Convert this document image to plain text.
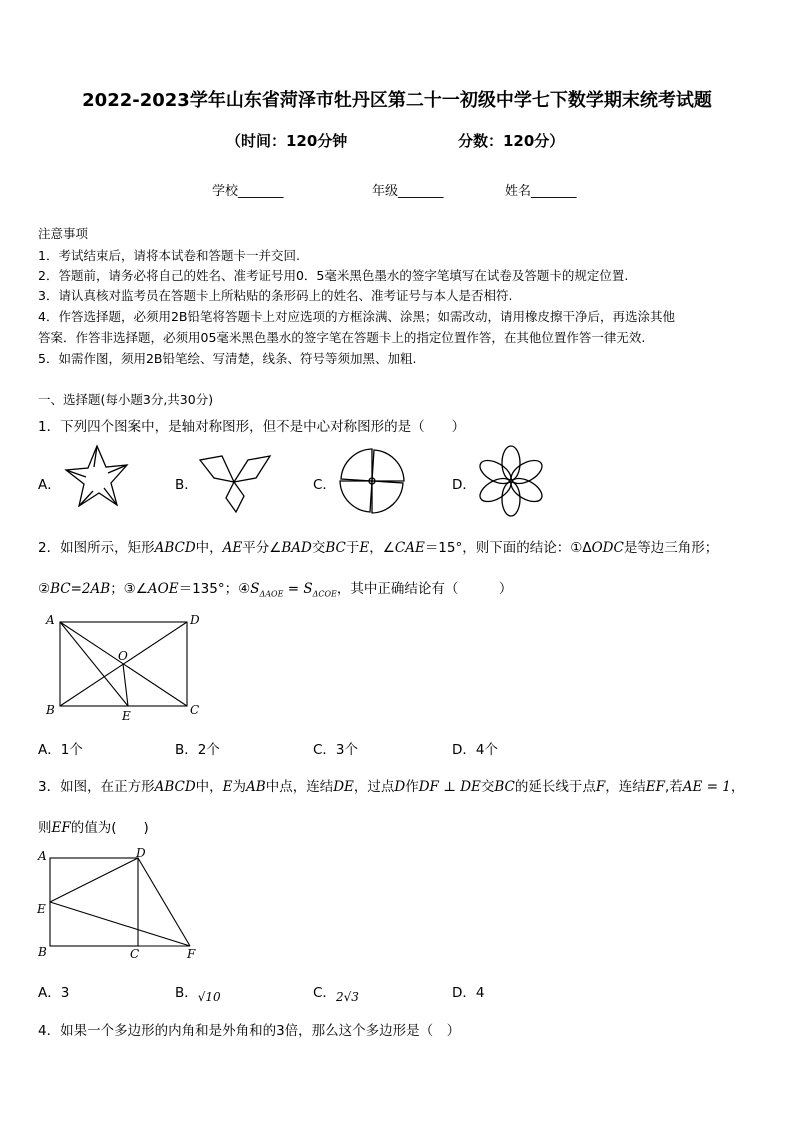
2022-2023学年山东省菏泽市牡丹区第二十一初级中学七下数学期末统考试题
（时间：120分钟	分数：120分）
学校_______	年级_______	姓名_______
注意事项
1．考试结束后，请将本试卷和答题卡一并交回.
2．答题前，请务必将自己的姓名、准考证号用0．5毫米黑色墨水的签字笔填写在试卷及答题卡的规定位置.
3．请认真核对监考员在答题卡上所粘贴的条形码上的姓名、准考证号与本人是否相符.
4．作答选择题，必须用2B铅笔将答题卡上对应选项的方框涂满、涂黑；如需改动，请用橡皮擦干净后，再选涂其他
答案．作答非选择题，必须用05毫米黑色墨水的签字笔在答题卡上的指定位置作答，在其他位置作答一律无效.
5．如需作图，须用2B铅笔绘、写清楚，线条、符号等须加黑、加粗.
一、选择题(每小题3分,共30分)
1．下列四个图案中，是轴对称图形，但不是中心对称图形的是（　　）
A．	B．	C．	D．
2．如图所示，矩形ABCD中，AE平分∠BAD交BC于E，∠CAE＝15°，则下面的结论：①ΔODC是等边三角形；
②BC=2AB；③∠AOE＝135°；$④S_{\Delta AOE} = S_{\Delta COE}$，其中正确结论有（　　　）
A	D
O
B	E	C
A．1个	B．2个	C．3个	D．4个
3．如图，在正方形ABCD中，E为AB中点，连结DE，过点D作DF ⊥ DE交BC的延长线于点F，连结EF,若AE = 1，
则EF的值为(　　)
A	D
E
B	C	F
A．3	B．√10	C．2√3	D．4
4．如果一个多边形的内角和是外角和的3倍，那么这个多边形是（　）
